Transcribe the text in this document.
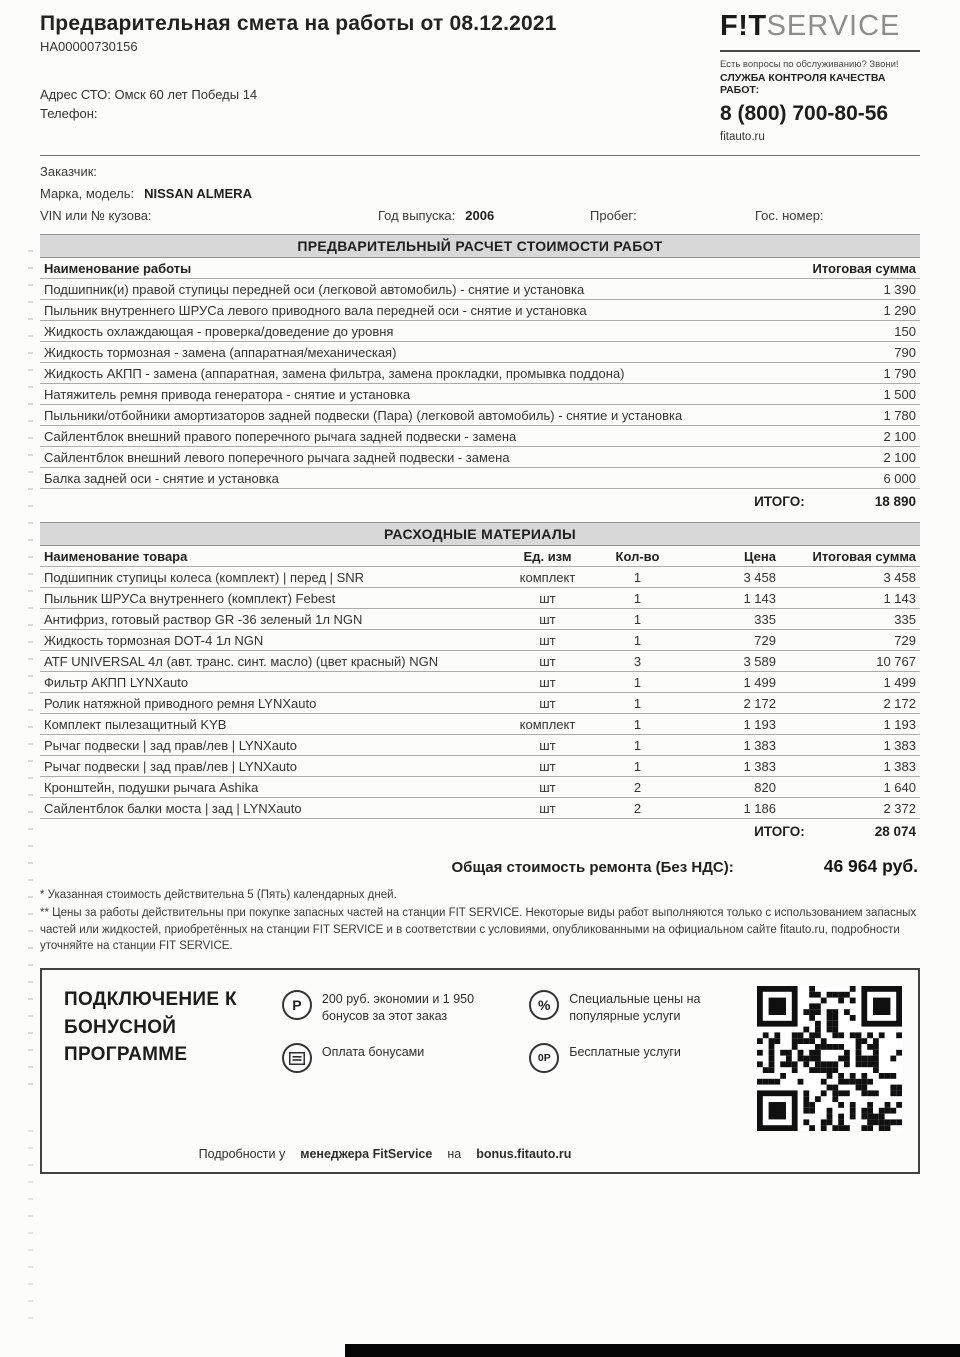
Предварительная смета на работы от 08.12.2021
НА00000730156
Адрес СТО: Омск 60 лет Победы 14
Телефон:
F!TSERVICE
Есть вопросы по обслуживанию? Звони!
СЛУЖБА КОНТРОЛЯ КАЧЕСТВА РАБОТ:
8 (800) 700-80-56
fitauto.ru
Заказчик:
Марка, модель: NISSAN ALMERA
VIN или № кузова:	Год выпуска: 2006	Пробег:	Гос. номер:
ПРЕДВАРИТЕЛЬНЫЙ РАСЧЕТ СТОИМОСТИ РАБОТ
Наименование работы	Итоговая сумма
Подшипник(и) правой ступицы передней оси (легковой автомобиль) - снятие и установка	1 390
Пыльник внутреннего ШРУСа левого приводного вала передней оси - снятие и установка	1 290
Жидкость охлаждающая - проверка/доведение до уровня	150
Жидкость тормозная - замена (аппаратная/механическая)	790
Жидкость АКПП - замена (аппаратная, замена фильтра, замена прокладки, промывка поддона)	1 790
Натяжитель ремня привода генератора - снятие и установка	1 500
Пыльники/отбойники амортизаторов задней подвески (Пара) (легковой автомобиль) - снятие и установка	1 780
Сайлентблок внешний правого поперечного рычага задней подвески - замена	2 100
Сайлентблок внешний левого поперечного рычага задней подвески - замена	2 100
Балка задней оси - снятие и установка	6 000
ИТОГО:	18 890
РАСХОДНЫЕ МАТЕРИАЛЫ
Наименование товара	Ед. изм	Кол-во	Цена	Итоговая сумма
Подшипник ступицы колеса (комплект) | перед | SNR	комплект	1	3 458	3 458
Пыльник ШРУСа внутреннего (комплект) Febest	шт	1	1 143	1 143
Антифриз, готовый раствор GR -36 зеленый 1л NGN	шт	1	335	335
Жидкость тормозная DOT-4 1л NGN	шт	1	729	729
ATF UNIVERSAL 4л (авт. транс. синт. масло) (цвет красный) NGN	шт	3	3 589	10 767
Фильтр АКПП LYNXauto	шт	1	1 499	1 499
Ролик натяжной приводного ремня LYNXauto	шт	1	2 172	2 172
Комплект пылезащитный KYB	комплект	1	1 193	1 193
Рычаг подвески | зад прав/лев | LYNXauto	шт	1	1 383	1 383
Рычаг подвески | зад прав/лев | LYNXauto	шт	1	1 383	1 383
Кронштейн, подушки рычага Ashika	шт	2	820	1 640
Сайлентблок балки моста | зад | LYNXauto	шт	2	1 186	2 372
ИТОГО:	28 074
Общая стоимость ремонта (Без НДС):	46 964 руб.

* Указанная стоимость действительна 5 (Пять) календарных дней.

** Цены за работы действительны при покупке запасных частей на станции FIT SERVICE. Некоторые виды работ выполняются только с использованием запасных частей или жидкостей, приобретённых на станции FIT SERVICE и в соответствии с условиями, опубликованными на официальном сайте fitauto.ru, подробности уточняйте на станции FIT SERVICE.

ПОДКЛЮЧЕНИЕ К БОНУСНОЙ ПРОГРАММЕ
Р	200 руб. экономии и 1 950 бонусов за этот заказ
Оплата бонусами
%	Специальные цены на популярные услуги
0Р	Бесплатные услуги
Подробности у менеджера FitService на bonus.fitauto.ru
